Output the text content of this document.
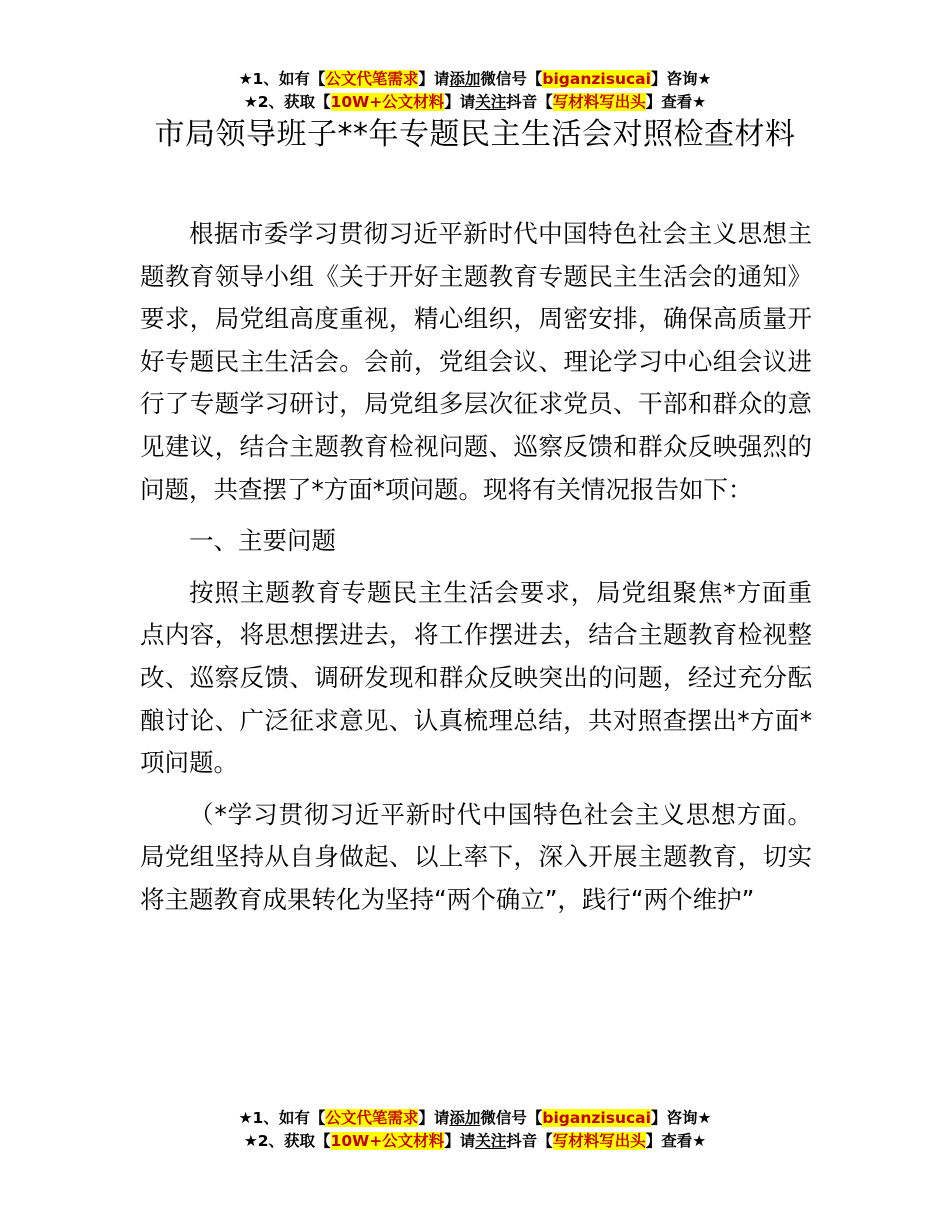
★1、如有【公文代笔需求】请添加微信号【biganzisucai】咨询★
★2、获取【10W+公文材料】请关注抖音【写材料写出头】查看★
市局领导班子**年专题民主生活会对照检查材料

根据市委学习贯彻习近平新时代中国特色社会主义思想主题教育领导小组《关于开好主题教育专题民主生活会的通知》要求，局党组高度重视，精心组织，周密安排，确保高质量开好专题民主生活会。会前，党组会议、理论学习中心组会议进行了专题学习研讨，局党组多层次征求党员、干部和群众的意见建议，结合主题教育检视问题、巡察反馈和群众反映强烈的问题，共查摆了*方面*项问题。现将有关情况报告如下：

一、主要问题

按照主题教育专题民主生活会要求，局党组聚焦*方面重点内容，将思想摆进去，将工作摆进去，结合主题教育检视整改、巡察反馈、调研发现和群众反映突出的问题，经过充分酝酿讨论、广泛征求意见、认真梳理总结，共对照查摆出*方面*项问题。

（*学习贯彻习近平新时代中国特色社会主义思想方面。局党组坚持从自身做起、以上率下，深入开展主题教育，切实将主题教育成果转化为坚持“两个确立”，践行“两个维护”

★1、如有【公文代笔需求】请添加微信号【biganzisucai】咨询★
★2、获取【10W+公文材料】请关注抖音【写材料写出头】查看★
